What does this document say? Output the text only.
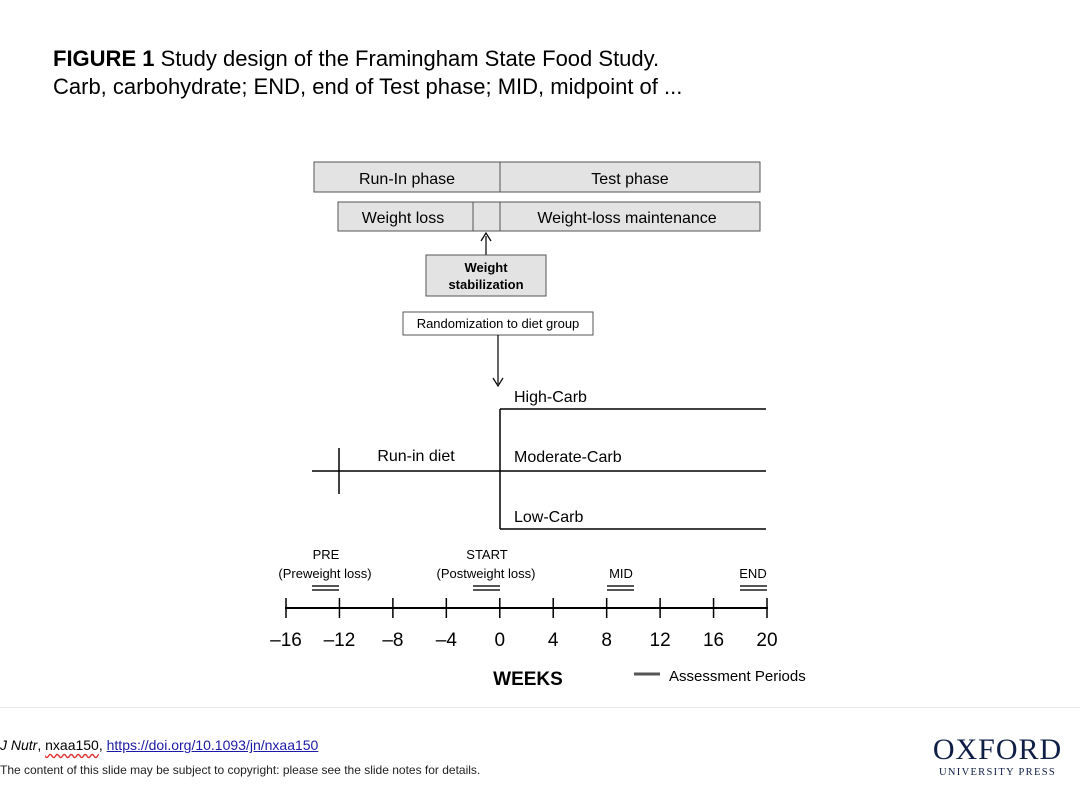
FIGURE 1 Study design of the Framingham State Food Study.
Carb, carbohydrate; END, end of Test phase; MID, midpoint of ...
Run-In phase	Test phase
Weight loss	Weight-loss maintenance
Weight
stabilization
Randomization to diet group
Run-in diet
High-Carb
Moderate-Carb
Low-Carb
PRE
(Preweight loss)
START
(Postweight loss)	MID	END
–16 –12 –8 –4 0 4 8 12 16 20
WEEKS	Assessment Periods
J Nutr, nxaa150, https://doi.org/10.1093/jn/nxaa150
The content of this slide may be subject to copyright: please see the slide notes for details.
OXFORD
UNIVERSITY PRESS
